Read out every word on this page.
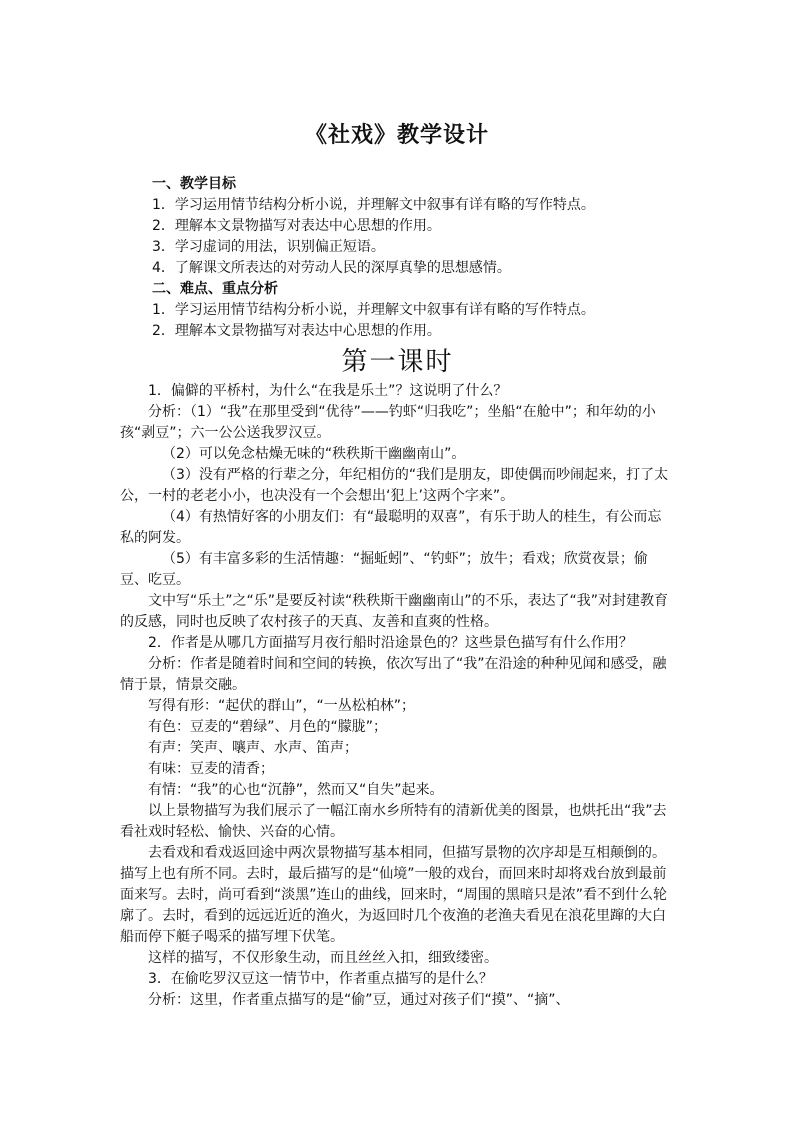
《社戏》教学设计

一、教学目标

1．学习运用情节结构分析小说，并理解文中叙事有详有略的写作特点。

2．理解本文景物描写对表达中心思想的作用。

3．学习虚词的用法，识别偏正短语。

4．了解课文所表达的对劳动人民的深厚真挚的思想感情。

二、难点、重点分析

1．学习运用情节结构分析小说，并理解文中叙事有详有略的写作特点。

2．理解本文景物描写对表达中心思想的作用。

第一课时

1．偏僻的平桥村，为什么“在我是乐土”？这说明了什么？

分析：（1）“我”在那里受到“优待”——钓虾“归我吃”；坐船“在舱中”；和年幼的小孩“剥豆”；六一公公送我罗汉豆。

（2）可以免念枯燥无味的“秩秩斯干幽幽南山”。

（3）没有严格的行辈之分，年纪相仿的“我们是朋友，即使偶而吵闹起来，打了太公，一村的老老小小，也决没有一个会想出‘犯上’这两个字来”。

（4）有热情好客的小朋友们：有“最聪明的双喜”，有乐于助人的桂生，有公而忘私的阿发。

（5）有丰富多彩的生活情趣：“掘蚯蚓”、“钓虾”；放牛；看戏；欣赏夜景；偷豆、吃豆。

文中写“乐土”之“乐”是要反衬读“秩秩斯干幽幽南山”的不乐，表达了“我”对封建教育的反感，同时也反映了农村孩子的天真、友善和直爽的性格。

2．作者是从哪几方面描写月夜行船时沿途景色的？这些景色描写有什么作用？

分析：作者是随着时间和空间的转换，依次写出了“我”在沿途的种种见闻和感受，融情于景，情景交融。

写得有形：“起伏的群山”，“一丛松柏林”；

有色：豆麦的“碧绿”、月色的“朦胧”；

有声：笑声、嚷声、水声、笛声；

有味：豆麦的清香；

有情：“我”的心也“沉静”，然而又“自失”起来。

以上景物描写为我们展示了一幅江南水乡所特有的清新优美的图景，也烘托出“我”去看社戏时轻松、愉快、兴奋的心情。

去看戏和看戏返回途中两次景物描写基本相同，但描写景物的次序却是互相颠倒的。描写上也有所不同。去时，最后描写的是“仙境”一般的戏台，而回来时却将戏台放到最前面来写。去时，尚可看到“淡黑”连山的曲线，回来时，“周围的黑暗只是浓”看不到什么轮廓了。去时，看到的远远近近的渔火，为返回时几个夜渔的老渔夫看见在浪花里蹿的大白船而停下艇子喝采的描写埋下伏笔。

这样的描写，不仅形象生动，而且丝丝入扣，细致缕密。

3．在偷吃罗汉豆这一情节中，作者重点描写的是什么？

分析：这里，作者重点描写的是“偷”豆，通过对孩子们“摸”、“摘”、
